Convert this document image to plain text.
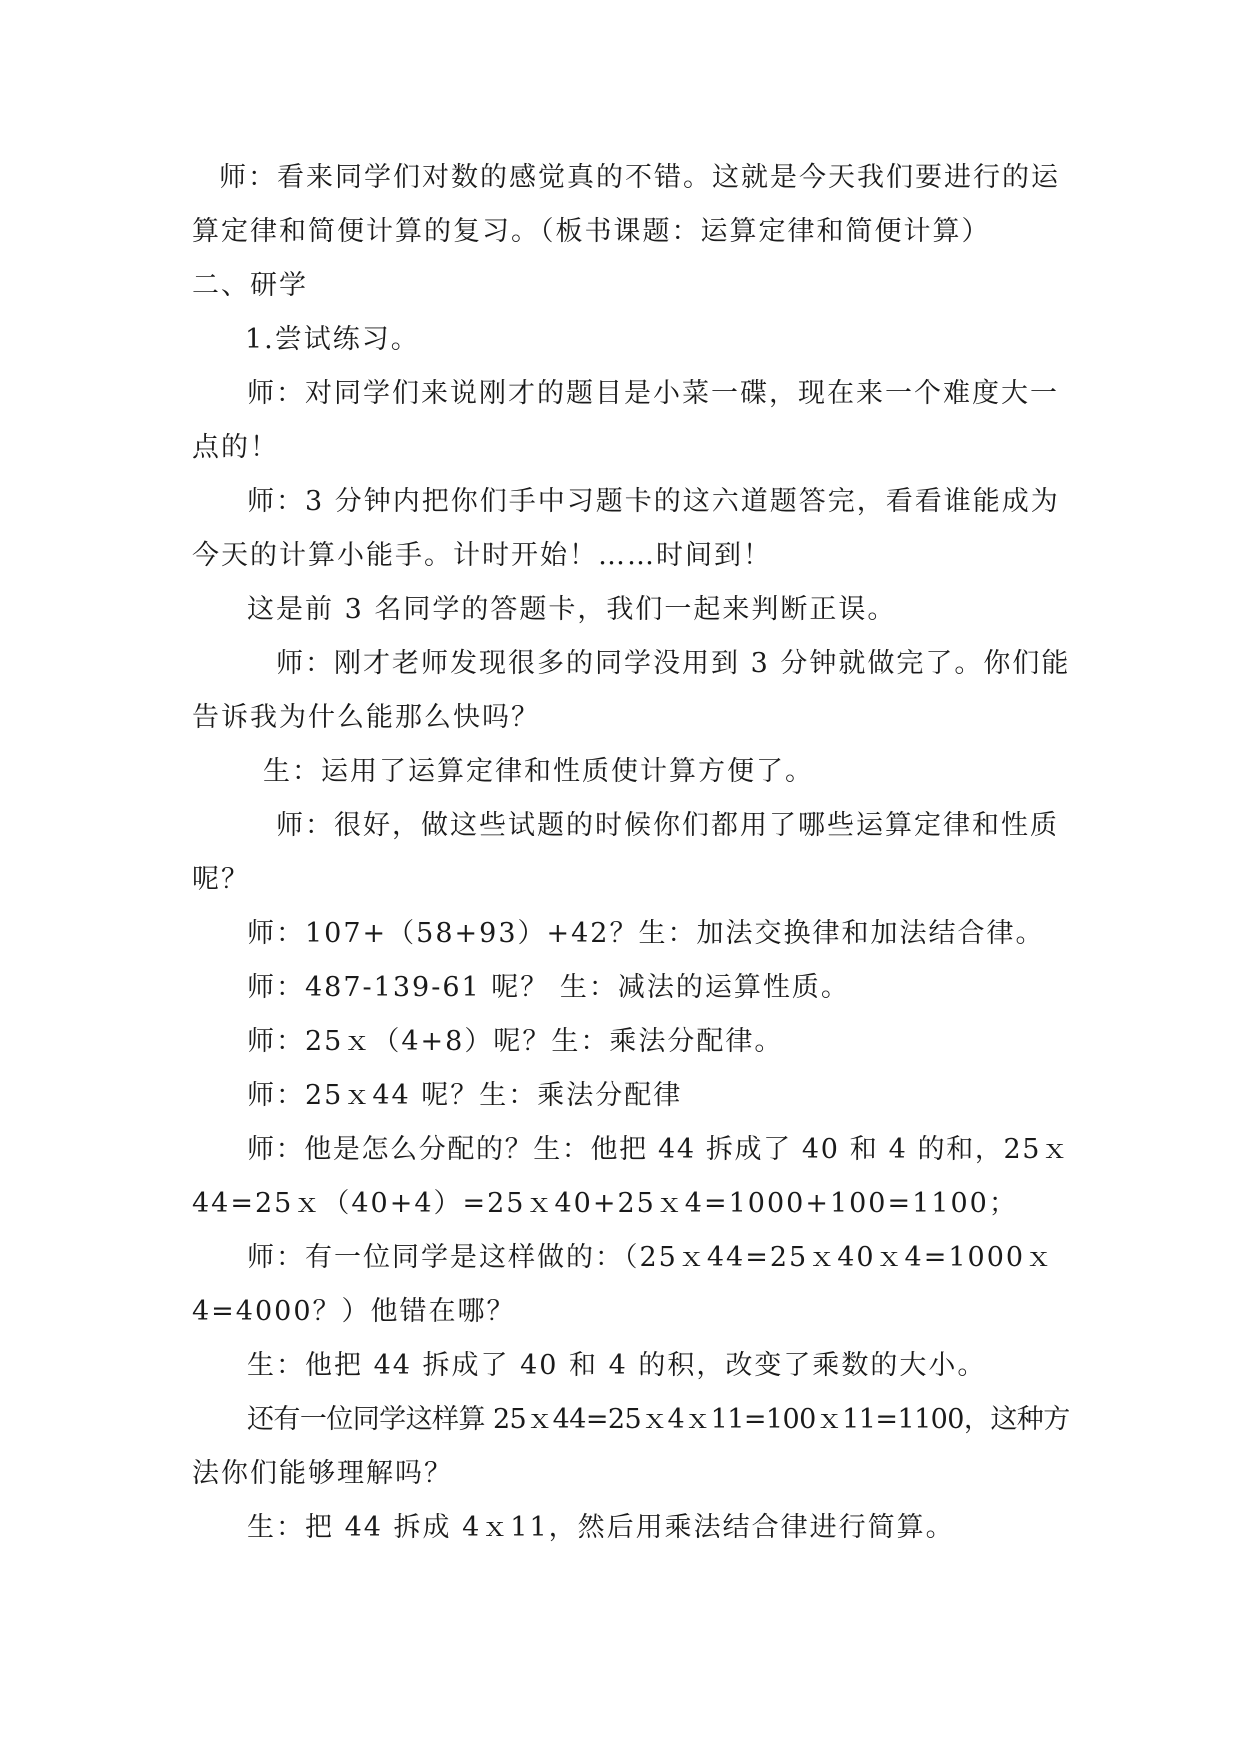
师：看来同学们对数的感觉真的不错。这就是今天我们要进行的运
算定律和简便计算的复习。（板书课题：运算定律和简便计算）
二、研学
1.尝试练习。
师：对同学们来说刚才的题目是小菜一碟，现在来一个难度大一
点的！
师：3 分钟内把你们手中习题卡的这六道题答完，看看谁能成为
今天的计算小能手。计时开始！……时间到！
这是前 3 名同学的答题卡，我们一起来判断正误。
师：刚才老师发现很多的同学没用到 3 分钟就做完了。你们能
告诉我为什么能那么快吗？
生：运用了运算定律和性质使计算方便了。
师：很好，做这些试题的时候你们都用了哪些运算定律和性质
呢？
师：107+（58+93）+42？生：加法交换律和加法结合律。
师：487-139-61 呢？ 生：减法的运算性质。
师：25ｘ（4+8）呢？生：乘法分配律。
师：25ｘ44 呢？生：乘法分配律
师：他是怎么分配的？生：他把 44 拆成了 40 和 4 的和，25ｘ
44=25ｘ（40+4）=25ｘ40+25ｘ4=1000+100=1100；
师：有一位同学是这样做的：（25ｘ44=25ｘ40ｘ4=1000ｘ
4=4000？）他错在哪？
生：他把 44 拆成了 40 和 4 的积，改变了乘数的大小。
还有一位同学这样算 25ｘ44=25ｘ4ｘ11=100ｘ11=1100，这种方
法你们能够理解吗？
生：把 44 拆成 4ｘ11，然后用乘法结合律进行简算。
